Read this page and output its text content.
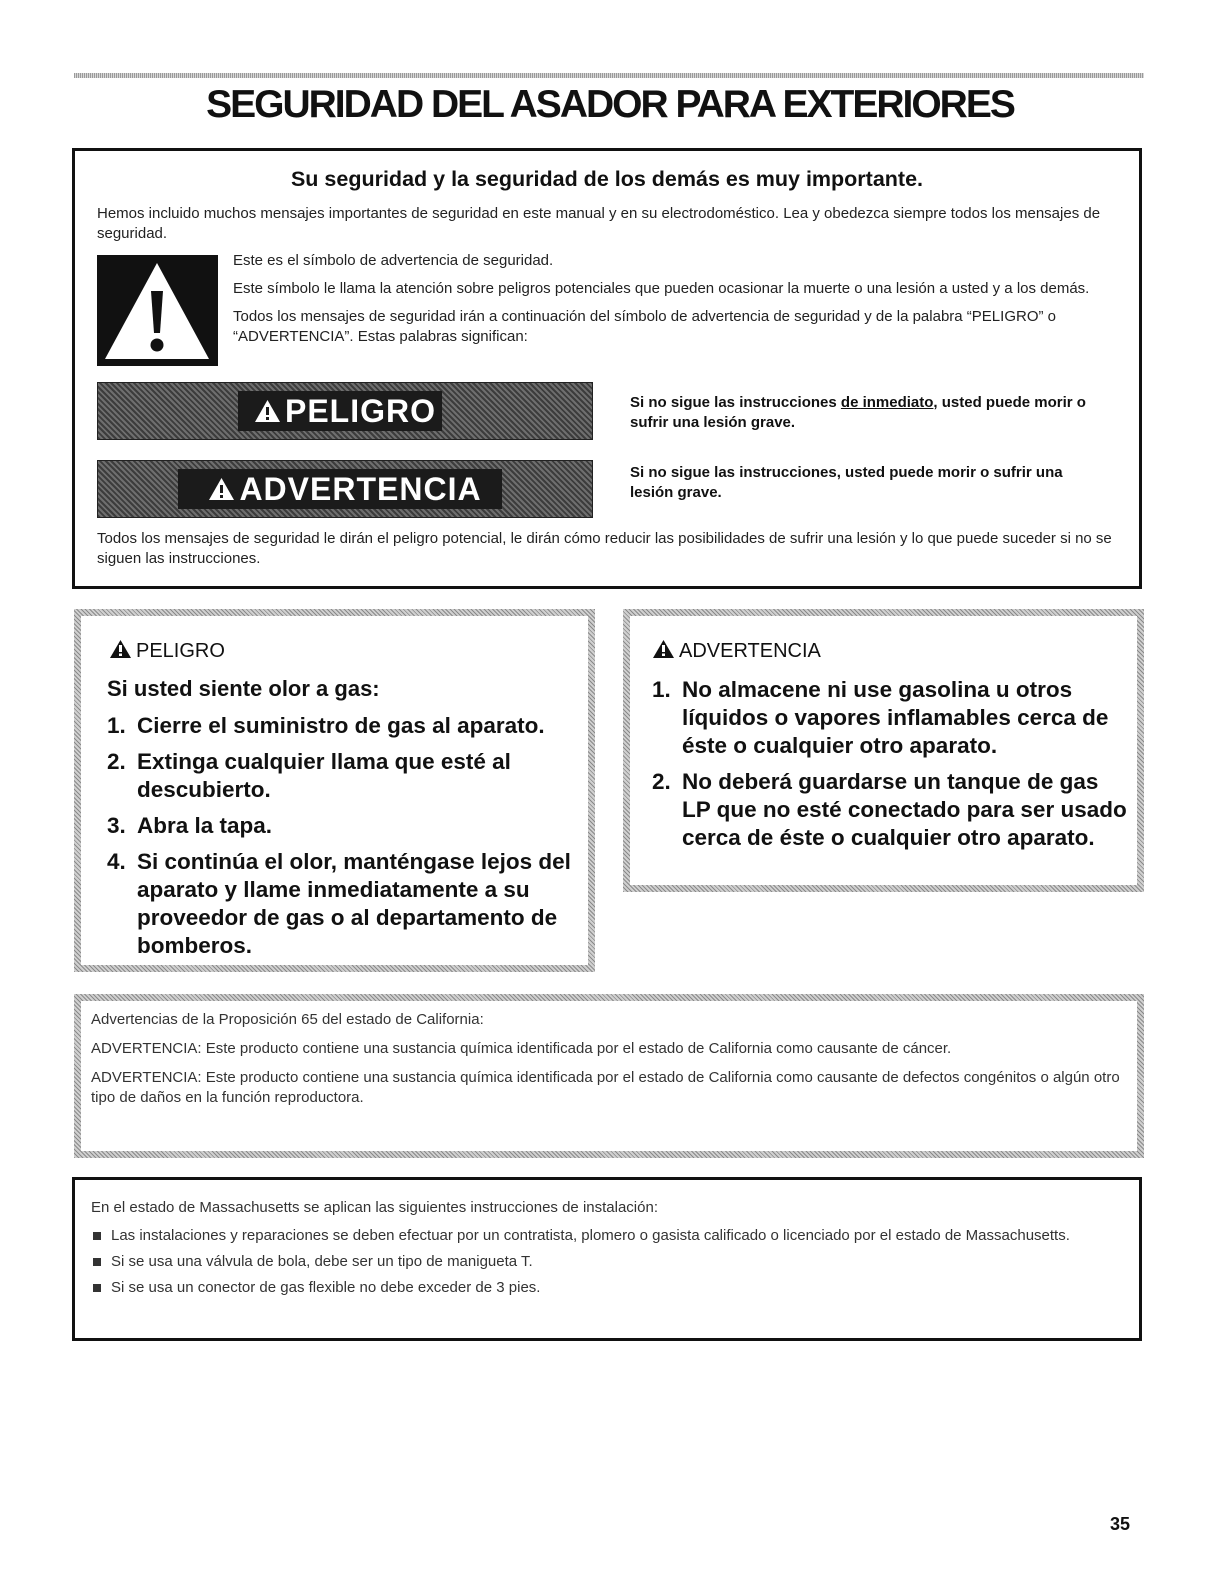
SEGURIDAD DEL ASADOR PARA EXTERIORES
Su seguridad y la seguridad de los demás es muy importante.
Hemos incluido muchos mensajes importantes de seguridad en este manual y en su electrodoméstico. Lea y obedezca siempre todos los mensajes de seguridad.

Este es el símbolo de advertencia de seguridad.

Este símbolo le llama la atención sobre peligros potenciales que pueden ocasionar la muerte o una lesión a usted y a los demás.

Todos los mensajes de seguridad irán a continuación del símbolo de advertencia de seguridad y de la palabra “PELIGRO” o “ADVERTENCIA”. Estas palabras significan:

PELIGRO	Si no sigue las instrucciones de inmediato, usted puede morir o sufrir una lesión grave.
ADVERTENCIA	Si no sigue las instrucciones, usted puede morir o sufrir una lesión grave.
Todos los mensajes de seguridad le dirán el peligro potencial, le dirán cómo reducir las posibilidades de sufrir una lesión y lo que puede suceder si no se siguen las instrucciones.
PELIGRO
Si usted siente olor a gas:
1. Cierre el suministro de gas al aparato.
2. Extinga cualquier llama que esté al descubierto.
3. Abra la tapa.
4. Si continúa el olor, manténgase lejos del aparato y llame inmediatamente a su proveedor de gas o al departamento de bomberos.
ADVERTENCIA
1. No almacene ni use gasolina u otros líquidos o vapores inflamables cerca de éste o cualquier otro aparato.
2. No deberá guardarse un tanque de gas LP que no esté conectado para ser usado cerca de éste o cualquier otro aparato.

Advertencias de la Proposición 65 del estado de California:

ADVERTENCIA: Este producto contiene una sustancia química identificada por el estado de California como causante de cáncer.

ADVERTENCIA: Este producto contiene una sustancia química identificada por el estado de California como causante de defectos congénitos o algún otro tipo de daños en la función reproductora.

En el estado de Massachusetts se aplican las siguientes instrucciones de instalación:

Las instalaciones y reparaciones se deben efectuar por un contratista, plomero o gasista calificado o licenciado por el estado de Massachusetts.
Si se usa una válvula de bola, debe ser un tipo de manigueta T.
Si se usa un conector de gas flexible no debe exceder de 3 pies.
35
